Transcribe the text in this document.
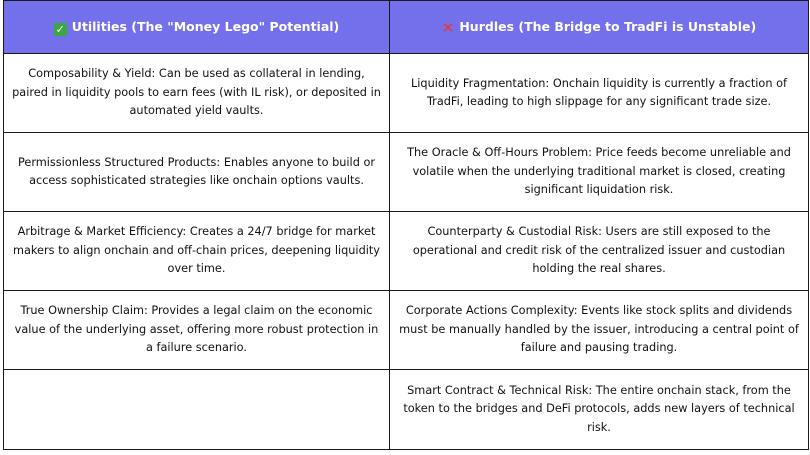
✓ Utilities (The "Money Lego" Potential)	✕ Hurdles (The Bridge to TradFi is Unstable)
Composability & Yield: Can be used as collateral in lending, paired in liquidity pools to earn fees (with IL risk), or deposited in automated yield vaults.	Liquidity Fragmentation: Onchain liquidity is currently a fraction of TradFi, leading to high slippage for any significant trade size.
Permissionless Structured Products: Enables anyone to build or access sophisticated strategies like onchain options vaults.	The Oracle & Off-Hours Problem: Price feeds become unreliable and volatile when the underlying traditional market is closed, creating significant liquidation risk.
Arbitrage & Market Efficiency: Creates a 24/7 bridge for market makers to align onchain and off-chain prices, deepening liquidity over time.	Counterparty & Custodial Risk: Users are still exposed to the operational and credit risk of the centralized issuer and custodian holding the real shares.
True Ownership Claim: Provides a legal claim on the economic value of the underlying asset, offering more robust protection in a failure scenario.	Corporate Actions Complexity: Events like stock splits and dividends must be manually handled by the issuer, introducing a central point of failure and pausing trading.
	Smart Contract & Technical Risk: The entire onchain stack, from the token to the bridges and DeFi protocols, adds new layers of technical risk.
